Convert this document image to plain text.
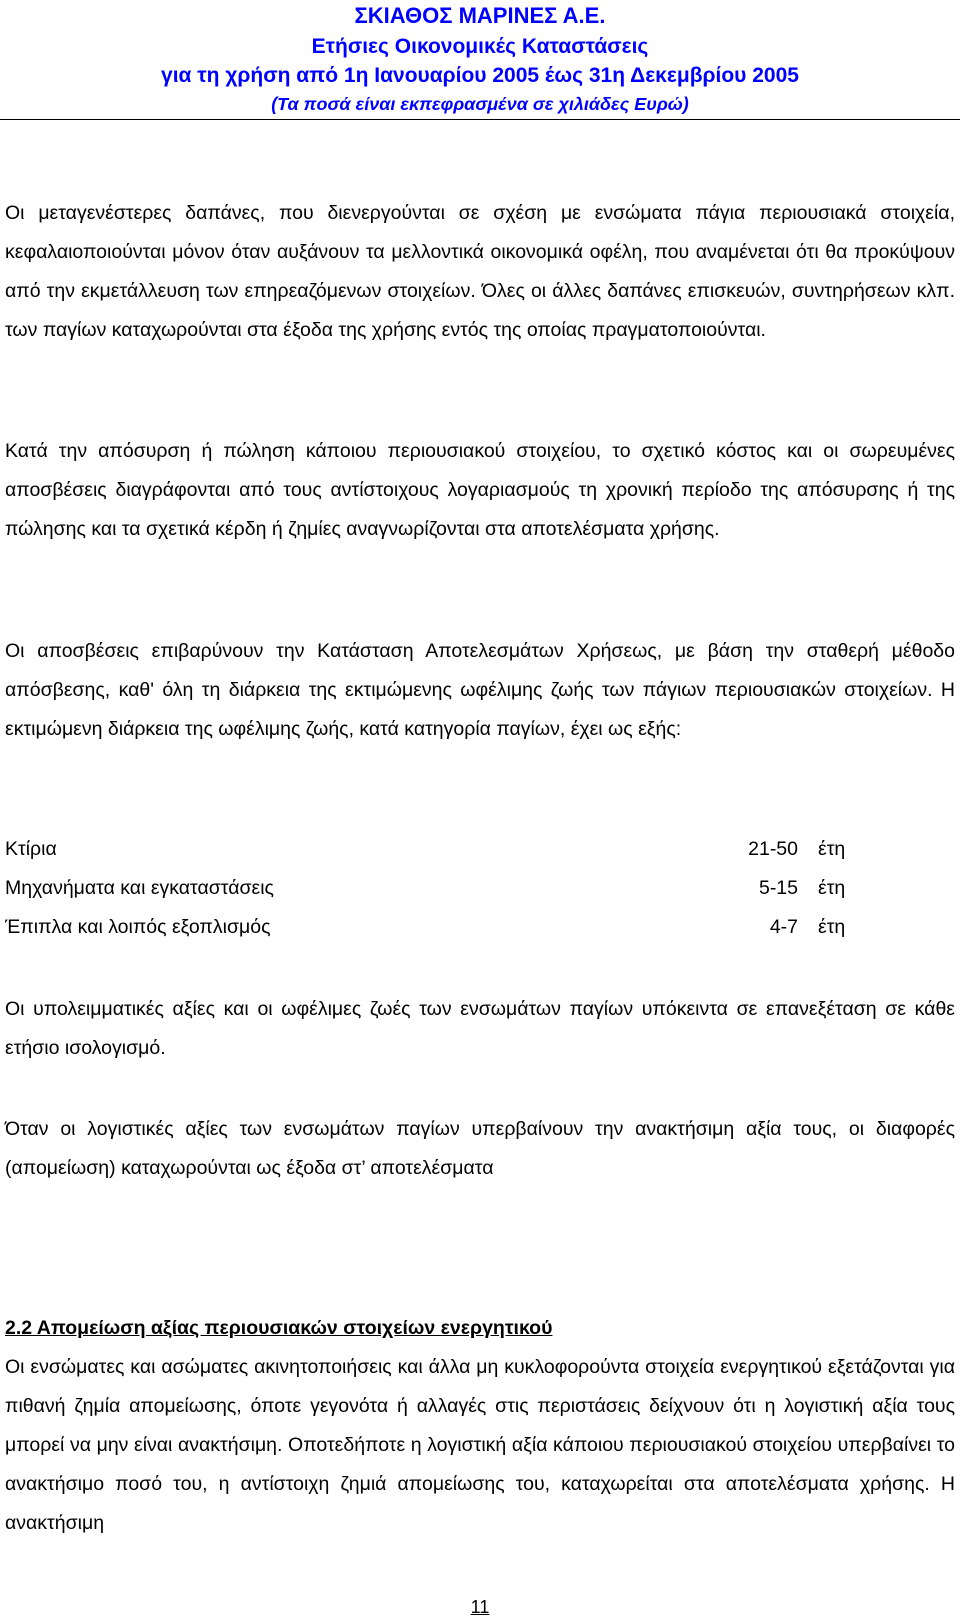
ΣΚΙΑΘΟΣ ΜΑΡΙΝΕΣ Α.Ε.
Ετήσιες Οικονομικές Καταστάσεις
για τη χρήση από 1η Ιανουαρίου 2005 έως 31η Δεκεμβρίου 2005
(Τα ποσά είναι εκπεφρασμένα σε χιλιάδες Ευρώ)

Οι μεταγενέστερες δαπάνες, που διενεργούνται σε σχέση με ενσώματα πάγια περιουσιακά στοιχεία, κεφαλαιοποιούνται μόνον όταν αυξάνουν τα μελλοντικά οικονομικά οφέλη, που αναμένεται ότι θα προκύψουν από την εκμετάλλευση των επηρεαζόμενων στοιχείων. Όλες οι άλλες δαπάνες επισκευών, συντηρήσεων κλπ. των παγίων καταχωρούνται στα έξοδα της χρήσης εντός της οποίας πραγματοποιούνται.

Κατά την απόσυρση ή πώληση κάποιου περιουσιακού στοιχείου, το σχετικό κόστος και οι σωρευμένες αποσβέσεις διαγράφονται από τους αντίστοιχους λογαριασμούς τη χρονική περίοδο της απόσυρσης ή της πώλησης και τα σχετικά κέρδη ή ζημίες αναγνωρίζονται στα αποτελέσματα χρήσης.

Οι αποσβέσεις επιβαρύνουν την Κατάσταση Αποτελεσμάτων Χρήσεως, με βάση την σταθερή μέθοδο απόσβεσης, καθ' όλη τη διάρκεια της εκτιμώμενης ωφέλιμης ζωής των πάγιων περιουσιακών στοιχείων. Η εκτιμώμενη διάρκεια της ωφέλιμης ζωής, κατά κατηγορία παγίων, έχει ως εξής:

Κτίρια	21-50 έτη
Μηχανήματα και εγκαταστάσεις	5-15 έτη
Έπιπλα και λοιπός εξοπλισμός	4-7 έτη

Οι υπολειμματικές αξίες και οι ωφέλιμες ζωές των ενσωμάτων παγίων υπόκειντα σε επανεξέταση σε κάθε ετήσιο ισολογισμό.

Όταν οι λογιστικές αξίες των ενσωμάτων παγίων υπερβαίνουν την ανακτήσιμη αξία τους, οι διαφορές (απομείωση) καταχωρούνται ως έξοδα στ’ αποτελέσματα

2.2 Απομείωση αξίας περιουσιακών στοιχείων ενεργητικού

Οι ενσώματες και ασώματες ακινητοποιήσεις και άλλα μη κυκλοφορούντα στοιχεία ενεργητικού εξετάζονται για πιθανή ζημία απομείωσης, όποτε γεγονότα ή αλλαγές στις περιστάσεις δείχνουν ότι η λογιστική αξία τους μπορεί να μην είναι ανακτήσιμη. Οποτεδήποτε η λογιστική αξία κάποιου περιουσιακού στοιχείου υπερβαίνει το ανακτήσιμο ποσό του, η αντίστοιχη ζημιά απομείωσης του, καταχωρείται στα αποτελέσματα χρήσης. Η ανακτήσιμη

11
